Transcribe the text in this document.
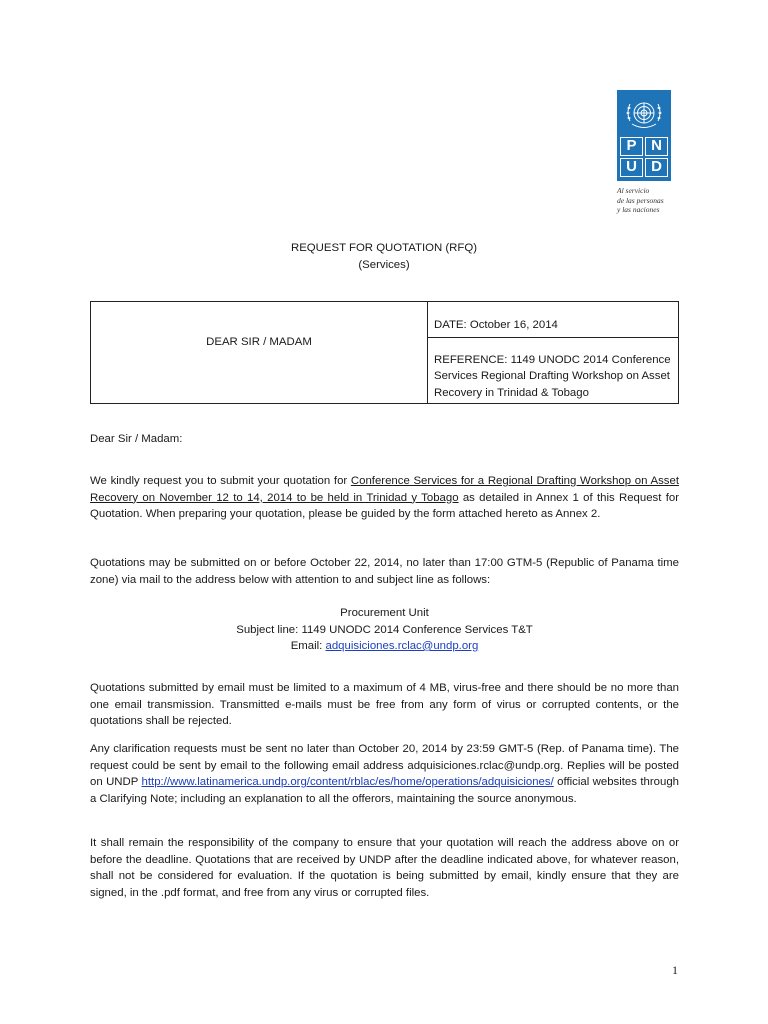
P N
U D
Al servicio
de las personas
y las naciones
REQUEST FOR QUOTATION (RFQ)
(Services)
DEAR SIR / MADAM	DATE: October 16, 2014
REFERENCE: 1149 UNODC 2014 Conference Services Regional Drafting Workshop on Asset Recovery in Trinidad & Tobago
Dear Sir / Madam:
We kindly request you to submit your quotation for Conference Services for a Regional Drafting Workshop on Asset Recovery on November 12 to 14, 2014 to be held in Trinidad y Tobago as detailed in Annex 1 of this Request for Quotation. When preparing your quotation, please be guided by the form attached hereto as Annex 2.
Quotations may be submitted on or before October 22, 2014, no later than 17:00 GTM-5 (Republic of Panama time zone) via mail to the address below with attention to and subject line as follows:
Procurement Unit
Subject line: 1149 UNODC 2014 Conference Services T&T
Email: adquisiciones.rclac@undp.org
Quotations submitted by email must be limited to a maximum of 4 MB, virus-free and there should be no more than one email transmission. Transmitted e-mails must be free from any form of virus or corrupted contents, or the quotations shall be rejected.
Any clarification requests must be sent no later than October 20, 2014 by 23:59 GMT-5 (Rep. of Panama time). The request could be sent by email to the following email address adquisiciones.rclac@undp.org. Replies will be posted on UNDP http://www.latinamerica.undp.org/content/rblac/es/home/operations/adquisiciones/ official websites through a Clarifying Note; including an explanation to all the offerors, maintaining the source anonymous.
It shall remain the responsibility of the company to ensure that your quotation will reach the address above on or before the deadline. Quotations that are received by UNDP after the deadline indicated above, for whatever reason, shall not be considered for evaluation. If the quotation is being submitted by email, kindly ensure that they are signed, in the .pdf format, and free from any virus or corrupted files.
1
